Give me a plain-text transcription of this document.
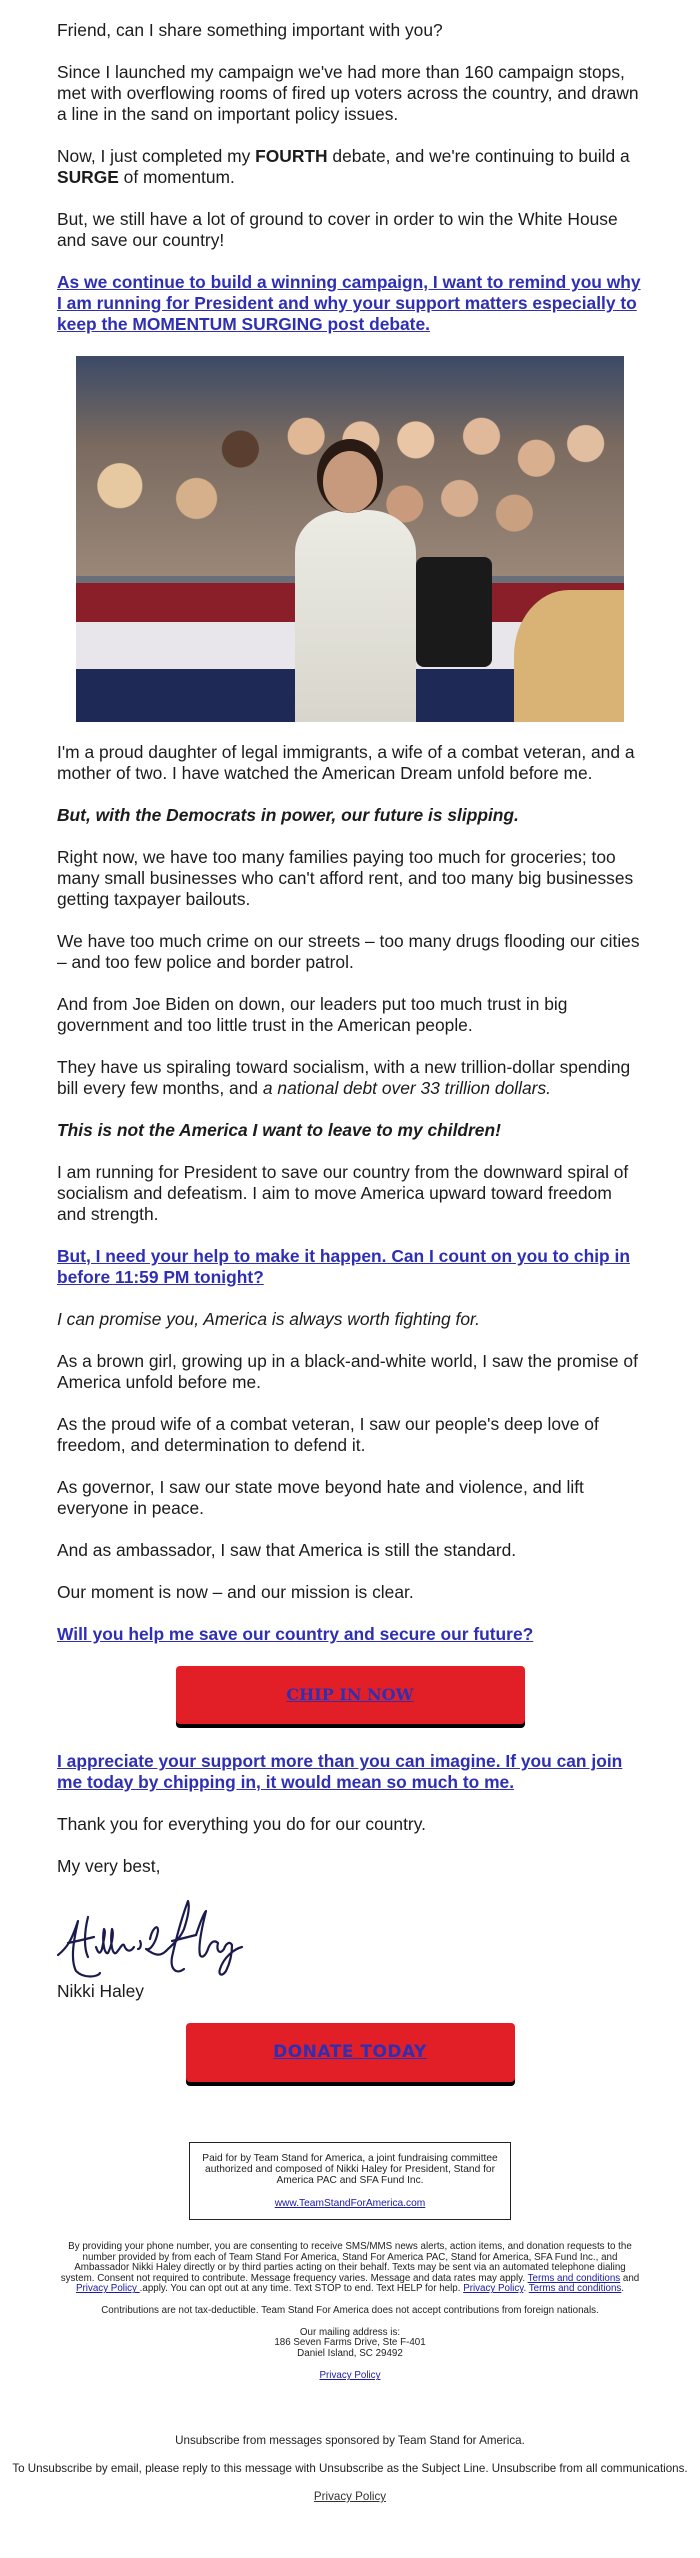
Friend, can I share something important with you?

Since I launched my campaign we've had more than 160 campaign stops, met with overflowing rooms of fired up voters across the country, and drawn a line in the sand on important policy issues.

Now, I just completed my FOURTH debate, and we're continuing to build a SURGE of momentum.

But, we still have a lot of ground to cover in order to win the White House and save our country!

As we continue to build a winning campaign, I want to remind you why I am running for President and why your support matters especially to keep the MOMENTUM SURGING post debate.

I'm a proud daughter of legal immigrants, a wife of a combat veteran, and a mother of two. I have watched the American Dream unfold before me.

But, with the Democrats in power, our future is slipping.

Right now, we have too many families paying too much for groceries; too many small businesses who can't afford rent, and too many big businesses getting taxpayer bailouts.

We have too much crime on our streets – too many drugs flooding our cities – and too few police and border patrol.

And from Joe Biden on down, our leaders put too much trust in big government and too little trust in the American people.

They have us spiraling toward socialism, with a new trillion-dollar spending bill every few months, and a national debt over 33 trillion dollars.

This is not the America I want to leave to my children!

I am running for President to save our country from the downward spiral of socialism and defeatism. I aim to move America upward toward freedom and strength.

But, I need your help to make it happen. Can I count on you to chip in before 11:59 PM tonight?

I can promise you, America is always worth fighting for.

As a brown girl, growing up in a black-and-white world, I saw the promise of America unfold before me.

As the proud wife of a combat veteran, I saw our people's deep love of freedom, and determination to defend it.

As governor, I saw our state move beyond hate and violence, and lift everyone in peace.

And as ambassador, I saw that America is still the standard.

Our moment is now – and our mission is clear.

Will you help me save our country and secure our future?

CHIP IN NOW

I appreciate your support more than you can imagine. If you can join me today by chipping in, it would mean so much to me.

Thank you for everything you do for our country.

My very best,

Nikki Haley

DONATE TODAY

Paid for by Team Stand for America, a joint fundraising committee authorized and composed of Nikki Haley for President, Stand for America PAC and SFA Fund Inc.

www.TeamStandForAmerica.com

By providing your phone number, you are consenting to receive SMS/MMS news alerts, action items, and donation requests to the number provided by from each of Team Stand For America, Stand For America PAC, Stand for America, SFA Fund Inc., and Ambassador Nikki Haley directly or by third parties acting on their behalf. Texts may be sent via an automated telephone dialing system. Consent not required to contribute. Message frequency varies. Message and data rates may apply. Terms and conditions and Privacy Policy .apply. You can opt out at any time. Text STOP to end. Text HELP for help. Privacy Policy. Terms and conditions.

Contributions are not tax-deductible. Team Stand For America does not accept contributions from foreign nationals.

Our mailing address is:
186 Seven Farms Drive, Ste F-401
Daniel Island, SC 29492
Privacy Policy

Unsubscribe from messages sponsored by Team Stand for America.

To Unsubscribe by email, please reply to this message with Unsubscribe as the Subject Line. Unsubscribe from all communications.

Privacy Policy
